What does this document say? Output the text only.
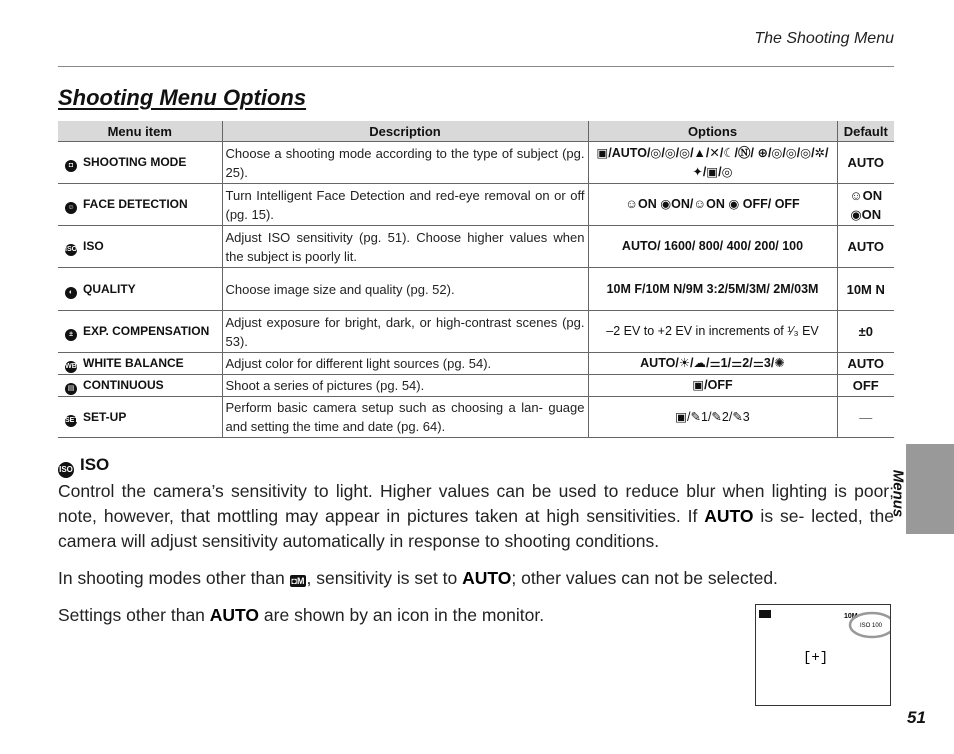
The Shooting Menu
Shooting Menu Options
Menu item	Description	Options	Default
◘ SHOOTING MODE	Choose a shooting mode according to the type of subject (pg. 25).	▣/AUTO/◎/◎/◎/▲/✕/☾/Ⓝ/ ⊕/◎/◎/◎/✲/✦/▣/◎	AUTO
☺ FACE DETECTION	Turn Intelligent Face Detection and red-eye removal on or off (pg. 15).	☺ON ◉ON/☺ON ◉ OFF/ OFF	☺ON ◉ON
ISO ISO	Adjust ISO sensitivity (pg. 51). Choose higher values when the subject is poorly lit.	AUTO/ 1600/ 800/ 400/ 200/ 100	AUTO
◐ QUALITY	Choose image size and quality (pg. 52).	10M F/10M N/9M 3:2/5M/3M/ 2M/03M	10M N
± EXP. COMPENSATION	Adjust exposure for bright, dark, or high-contrast scenes (pg. 53).	–2 EV to +2 EV in increments of ¹⁄₃ EV	±0
WB WHITE BALANCE	Adjust color for different light sources (pg. 54).	AUTO/☀/☁/⚌1/⚌2/⚌3/✺	AUTO
▤ CONTINUOUS	Shoot a series of pictures (pg. 54).	▣/OFF	OFF
SET SET-UP	Perform basic camera setup such as choosing a lan- guage and setting the time and date (pg. 64).	▣/✎1/✎2/✎3	—
ISO ISO

Control the camera’s sensitivity to light. Higher values can be used to reduce blur when lighting is poor; note, however, that mottling may appear in pictures taken at high sensitivities. If AUTO is se- lected, the camera will adjust sensitivity automatically in response to shooting conditions.

In shooting modes other than ◘M , sensitivity is set to AUTO; other values can not be selected.

Settings other than AUTO are shown by an icon in the monitor.	10M
ISO 100
[+]
Menus
51
